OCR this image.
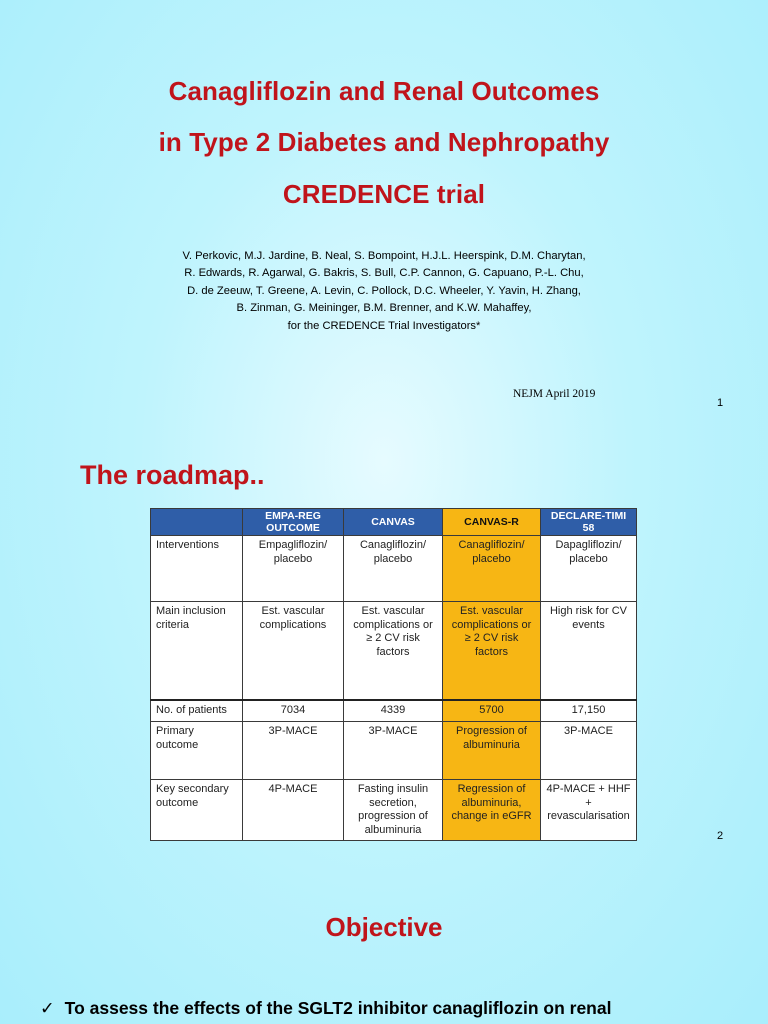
Canagliflozin and Renal Outcomes
in Type 2 Diabetes and Nephropathy
CREDENCE trial
V. Perkovic, M.J. Jardine, B. Neal, S. Bompoint, H.J.L. Heerspink, D.M. Charytan,
R. Edwards, R. Agarwal, G. Bakris, S. Bull, C.P. Cannon, G. Capuano, P.-L. Chu,
D. de Zeeuw, T. Greene, A. Levin, C. Pollock, D.C. Wheeler, Y. Yavin, H. Zhang,
B. Zinman, G. Meininger, B.M. Brenner, and K.W. Mahaffey,
for the CREDENCE Trial Investigators*
NEJM April 2019
1
The roadmap..
	EMPA-REG OUTCOME	CANVAS	CANVAS-R	DECLARE-TIMI 58
Interventions	Empagliflozin/ placebo	Canagliflozin/ placebo	Canagliflozin/ placebo	Dapagliflozin/ placebo
Main inclusion criteria	Est. vascular complications	Est. vascular complications or ≥ 2 CV risk factors	Est. vascular complications or ≥ 2 CV risk factors	High risk for CV events
No. of patients	7034	4339	5700	17,150
Primary outcome	3P-MACE	3P-MACE	Progression of albuminuria	3P-MACE
Key secondary outcome	4P-MACE	Fasting insulin secretion, progression of albuminuria	Regression of albuminuria, change in eGFR	4P-MACE + HHF + revascularisation
2
Objective
✓ To assess the effects of the SGLT2 inhibitor canagliflozin on renal
